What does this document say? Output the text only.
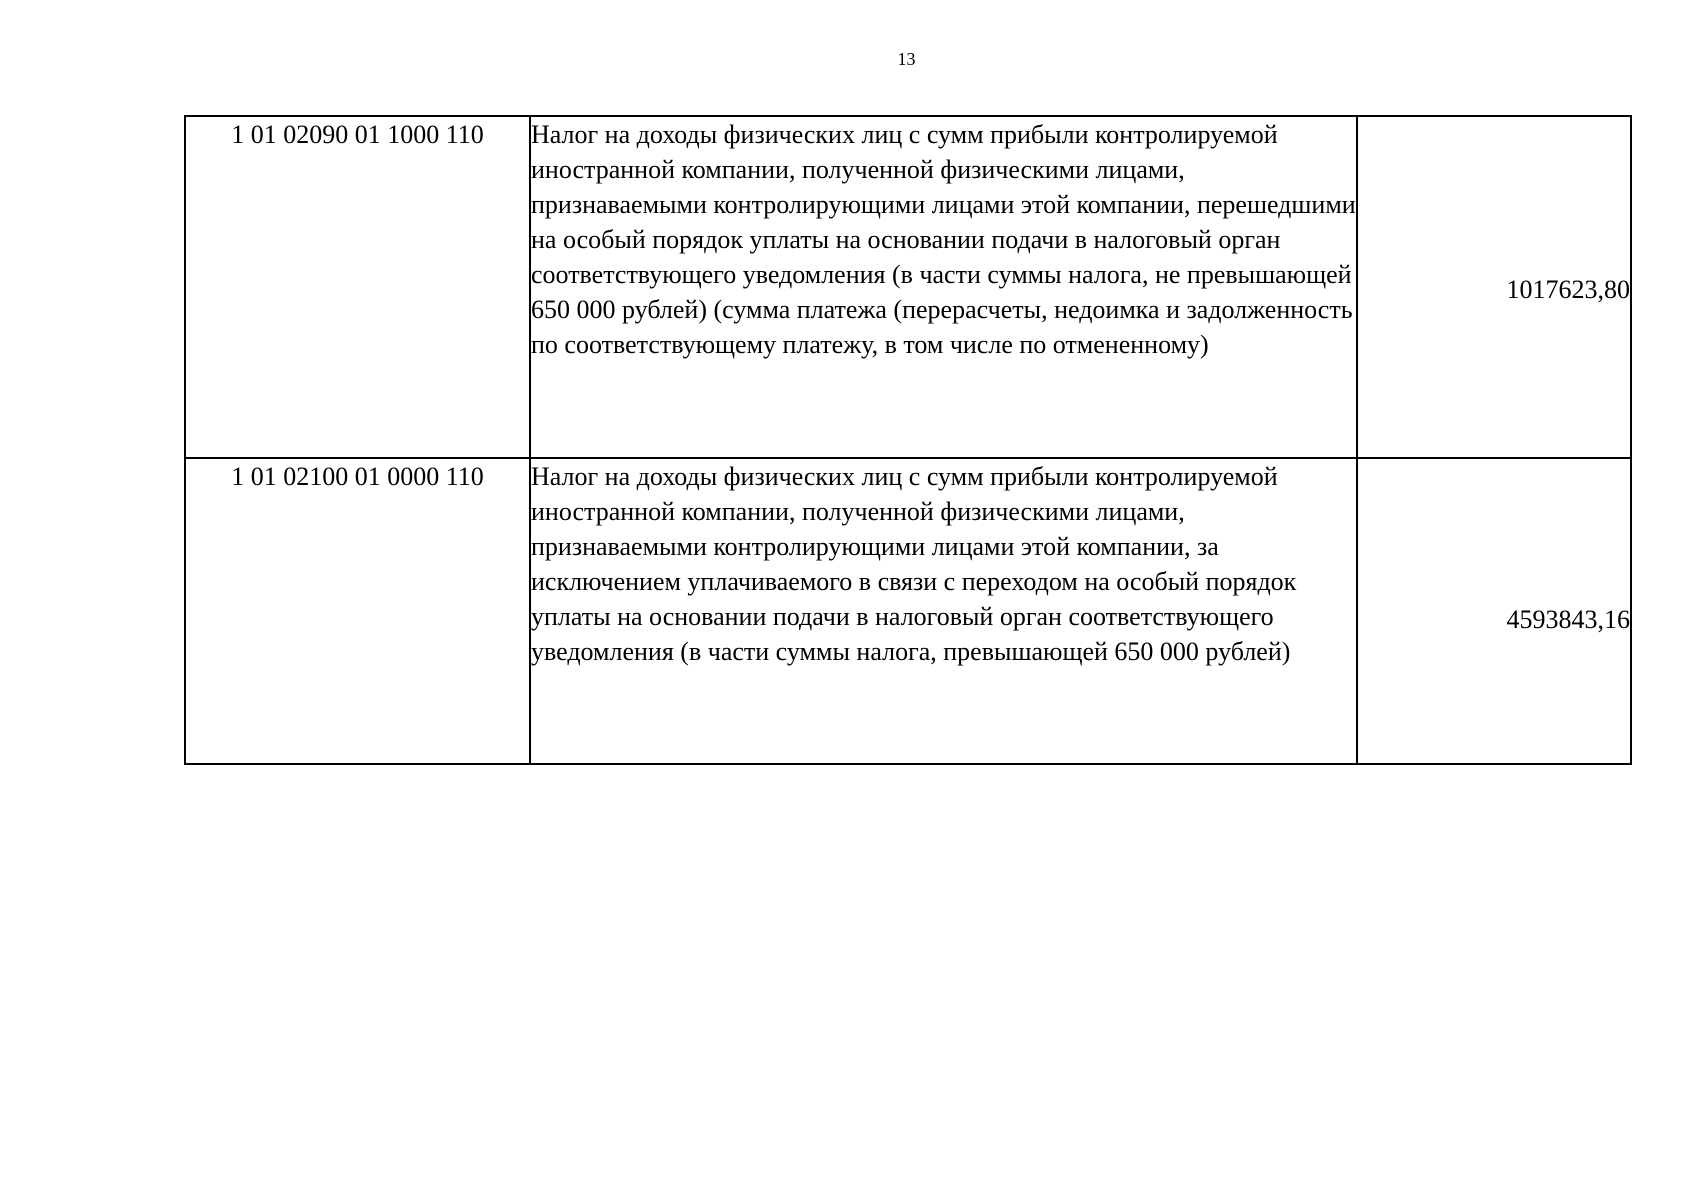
13
1 01 02090 01 1000 110	Налог на доходы физических лиц с сумм прибыли контролируемой иностранной компании, полученной физическими лицами, признаваемыми контролирующими лицами этой компании, перешедшими на особый порядок уплаты на основании подачи в налоговый орган соответствующего уведомления (в части суммы налога, не превышающей 650 000 рублей) (сумма платежа (перерасчеты, недоимка и задолженность по соответствующему платежу, в том числе по отмененному)	1017623,80
1 01 02100 01 0000 110	Налог на доходы физических лиц с сумм прибыли контролируемой иностранной компании, полученной физическими лицами, признаваемыми контролирующими лицами этой компании, за исключением уплачиваемого в связи с переходом на особый порядок уплаты на основании подачи в налоговый орган соответствующего уведомления (в части суммы налога, превышающей 650 000 рублей)	4593843,16
